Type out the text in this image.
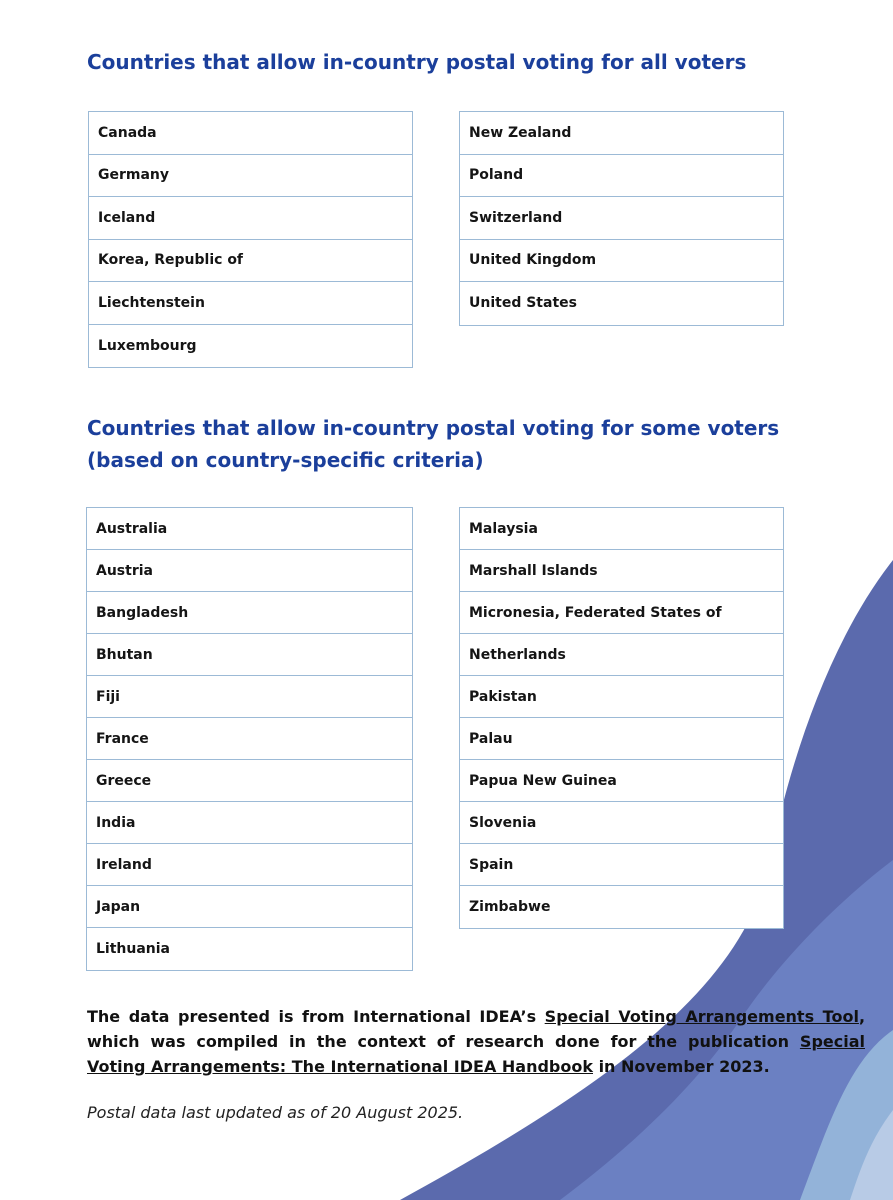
Countries that allow in-country postal voting for all voters
Canada
Germany
Iceland
Korea, Republic of
Liechtenstein
Luxembourg
New Zealand
Poland
Switzerland
United Kingdom
United States
Countries that allow in-country postal voting for some voters
(based on country-specific criteria)
Australia
Austria
Bangladesh
Bhutan
Fiji
France
Greece
India
Ireland
Japan
Lithuania
Malaysia
Marshall Islands
Micronesia, Federated States of
Netherlands
Pakistan
Palau
Papua New Guinea
Slovenia
Spain
Zimbabwe

The data presented is from International IDEA’s Special Voting Arrangements Tool, which was compiled in the context of research done for the publication Special Voting Arrangements: The International IDEA Handbook in November 2023.

Postal data last updated as of 20 August 2025.
